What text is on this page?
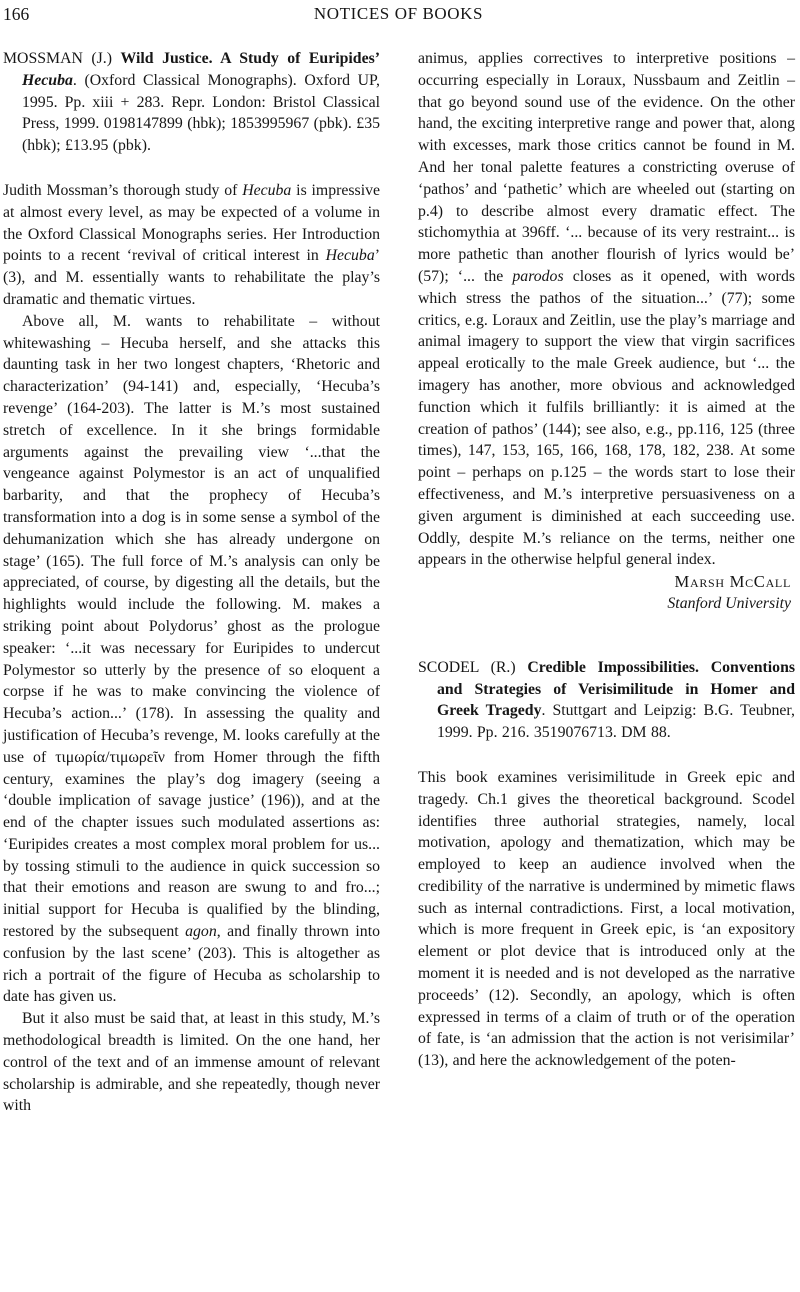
166	NOTICES OF BOOKS

MOSSMAN (J.) Wild Justice. A Study of Euripides’ Hecuba. (Oxford Classical Monographs). Oxford UP, 1995. Pp. xiii + 283. Repr. London: Bristol Classical Press, 1999. 0198147899 (hbk); 1853995967 (pbk). £35 (hbk); £13.95 (pbk).

Judith Mossman’s thorough study of Hecuba is impressive at almost every level, as may be expected of a volume in the Oxford Classical Monographs series. Her Introduction points to a recent ‘revival of critical interest in Hecuba’ (3), and M. essentially wants to rehabilitate the play’s dramatic and thematic virtues.

Above all, M. wants to rehabilitate – without whitewashing – Hecuba herself, and she attacks this daunting task in her two longest chapters, ‘Rhetoric and characterization’ (94-141) and, especially, ‘Hecuba’s revenge’ (164-203). The latter is M.’s most sustained stretch of excellence. In it she brings formidable arguments against the prevailing view ‘...that the vengeance against Polymestor is an act of unqualified barbarity, and that the prophecy of Hecuba’s transformation into a dog is in some sense a symbol of the dehumanization which she has already undergone on stage’ (165). The full force of M.’s analysis can only be appreciated, of course, by digesting all the details, but the highlights would include the following. M. makes a striking point about Polydorus’ ghost as the prologue speaker: ‘...it was necessary for Euripides to undercut Polymestor so utterly by the presence of so eloquent a corpse if he was to make convincing the violence of Hecuba’s action...’ (178). In assessing the quality and justification of Hecuba’s revenge, M. looks carefully at the use of τιμωρία/τιμωρεῖν from Homer through the fifth century, examines the play’s dog imagery (seeing a ‘double implication of savage justice’ (196)), and at the end of the chapter issues such modulated assertions as: ‘Euripides creates a most complex moral problem for us... by tossing stimuli to the audience in quick succession so that their emotions and reason are swung to and fro...; initial support for Hecuba is qualified by the blinding, restored by the subsequent agon, and finally thrown into confusion by the last scene’ (203). This is altogether as rich a portrait of the figure of Hecuba as scholarship to date has given us.

But it also must be said that, at least in this study, M.’s methodological breadth is limited. On the one hand, her control of the text and of an immense amount of relevant scholarship is admirable, and she repeatedly, though never with

animus, applies correctives to interpretive positions – occurring especially in Loraux, Nussbaum and Zeitlin – that go beyond sound use of the evidence. On the other hand, the exciting interpretive range and power that, along with excesses, mark those critics cannot be found in M. And her tonal palette features a constricting overuse of ‘pathos’ and ‘pathetic’ which are wheeled out (starting on p.4) to describe almost every dramatic effect. The stichomythia at 396ff. ‘... because of its very restraint... is more pathetic than another flourish of lyrics would be’ (57); ‘... the parodos closes as it opened, with words which stress the pathos of the situation...’ (77); some critics, e.g. Loraux and Zeitlin, use the play’s marriage and animal imagery to support the view that virgin sacrifices appeal erotically to the male Greek audience, but ‘... the imagery has another, more obvious and acknowledged function which it fulfils brilliantly: it is aimed at the creation of pathos’ (144); see also, e.g., pp.116, 125 (three times), 147, 153, 165, 166, 168, 178, 182, 238. At some point – perhaps on p.125 – the words start to lose their effectiveness, and M.’s interpretive persuasiveness on a given argument is diminished at each succeeding use. Oddly, despite M.’s reliance on the terms, neither one appears in the otherwise helpful general index.

Marsh McCall
Stanford University

SCODEL (R.) Credible Impossibilities. Conventions and Strategies of Verisimilitude in Homer and Greek Tragedy. Stuttgart and Leipzig: B.G. Teubner, 1999. Pp. 216. 3519076713. DM 88.

This book examines verisimilitude in Greek epic and tragedy. Ch.1 gives the theoretical background. Scodel identifies three authorial strategies, namely, local motivation, apology and thematization, which may be employed to keep an audience involved when the credibility of the narrative is undermined by mimetic flaws such as internal contradictions. First, a local motivation, which is more frequent in Greek epic, is ‘an expository element or plot device that is introduced only at the moment it is needed and is not developed as the narrative proceeds’ (12). Secondly, an apology, which is often expressed in terms of a claim of truth or of the operation of fate, is ‘an admission that the action is not verisimilar’ (13), and here the acknowledgement of the poten-
